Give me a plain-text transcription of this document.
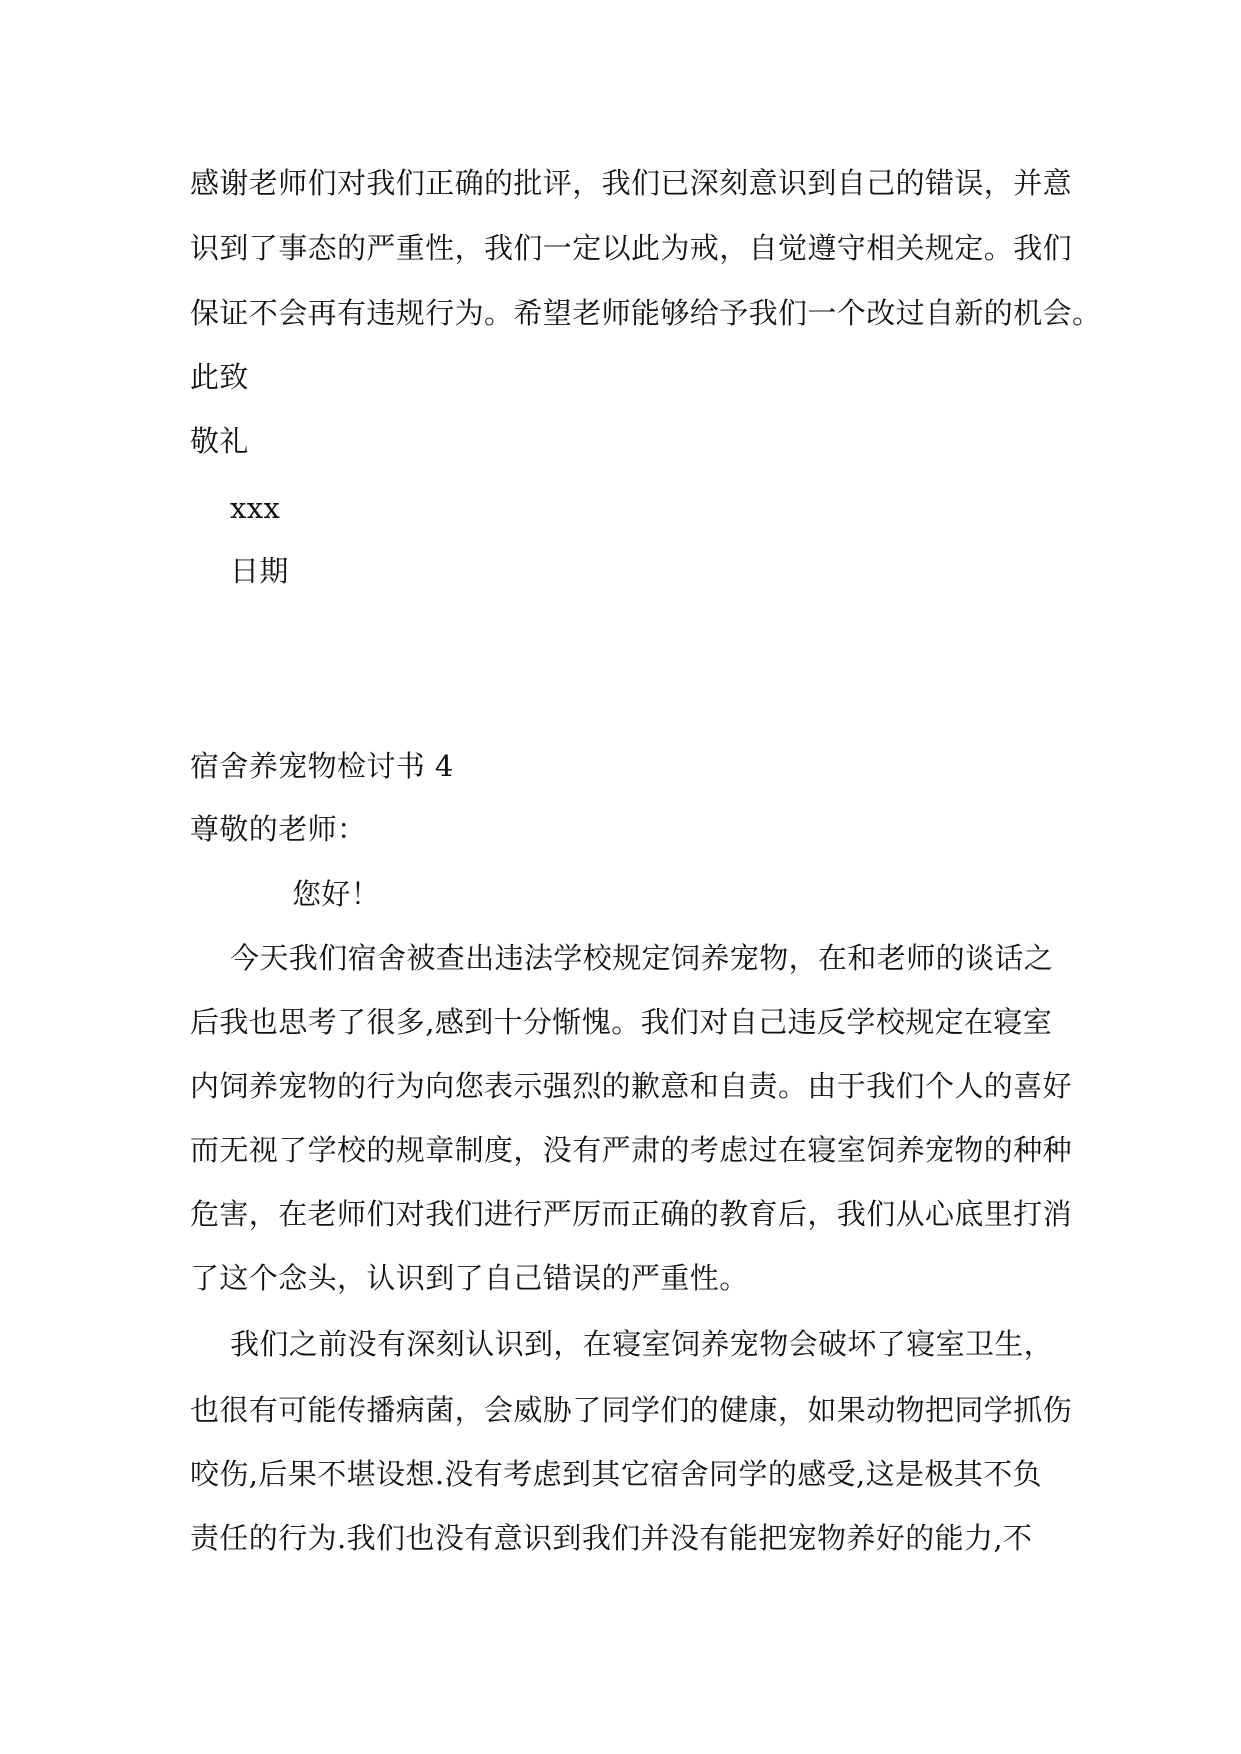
感谢老师们对我们正确的批评，我们已深刻意识到自己的错误，并意
识到了事态的严重性，我们一定以此为戒，自觉遵守相关规定。我们
保证不会再有违规行为。希望老师能够给予我们一个改过自新的机会。
此致
敬礼
xxx
日期
宿舍养宠物检讨书 4
尊敬的老师：
您好！
今天我们宿舍被查出违法学校规定饲养宠物，在和老师的谈话之
后我也思考了很多,感到十分惭愧。我们对自己违反学校规定在寝室
内饲养宠物的行为向您表示强烈的歉意和自责。由于我们个人的喜好
而无视了学校的规章制度，没有严肃的考虑过在寝室饲养宠物的种种
危害，在老师们对我们进行严厉而正确的教育后，我们从心底里打消
了这个念头，认识到了自己错误的严重性。
我们之前没有深刻认识到，在寝室饲养宠物会破坏了寝室卫生，
也很有可能传播病菌，会威胁了同学们的健康，如果动物把同学抓伤
咬伤,后果不堪设想.没有考虑到其它宿舍同学的感受,这是极其不负
责任的行为.我们也没有意识到我们并没有能把宠物养好的能力,不
